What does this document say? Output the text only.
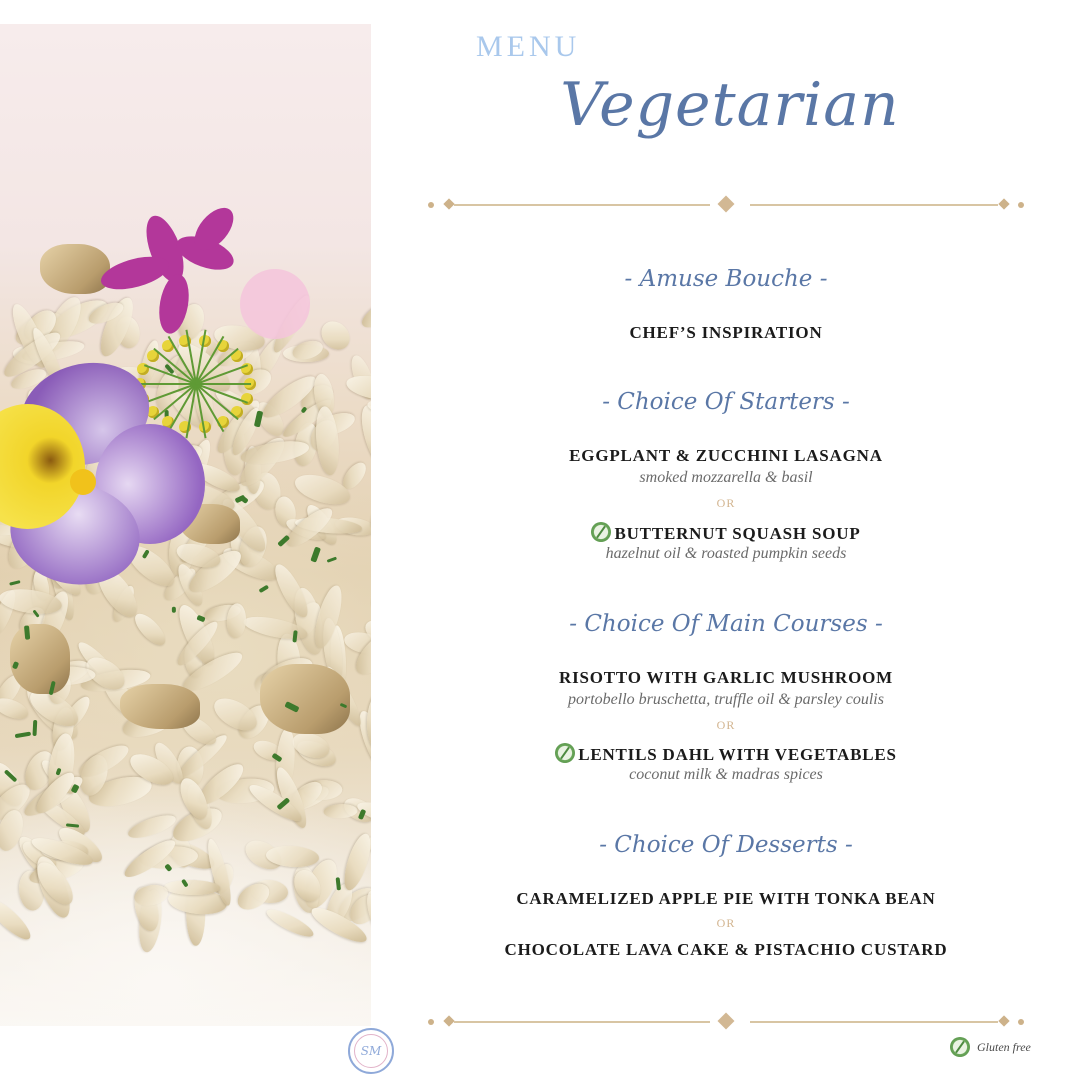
SM
MENU
Vegetarian
- Amuse Bouche -
CHEF’S INSPIRATION
- Choice Of Starters -
EGGPLANT & ZUCCHINI LASAGNA
smoked mozzarella & basil
OR
BUTTERNUT SQUASH SOUP
hazelnut oil & roasted pumpkin seeds
- Choice Of Main Courses -
RISOTTO WITH GARLIC MUSHROOM
portobello bruschetta, truffle oil & parsley coulis
OR
LENTILS DAHL WITH VEGETABLES
coconut milk & madras spices
- Choice Of Desserts -
CARAMELIZED APPLE PIE WITH TONKA BEAN
OR
CHOCOLATE LAVA CAKE & PISTACHIO CUSTARD
Gluten free
